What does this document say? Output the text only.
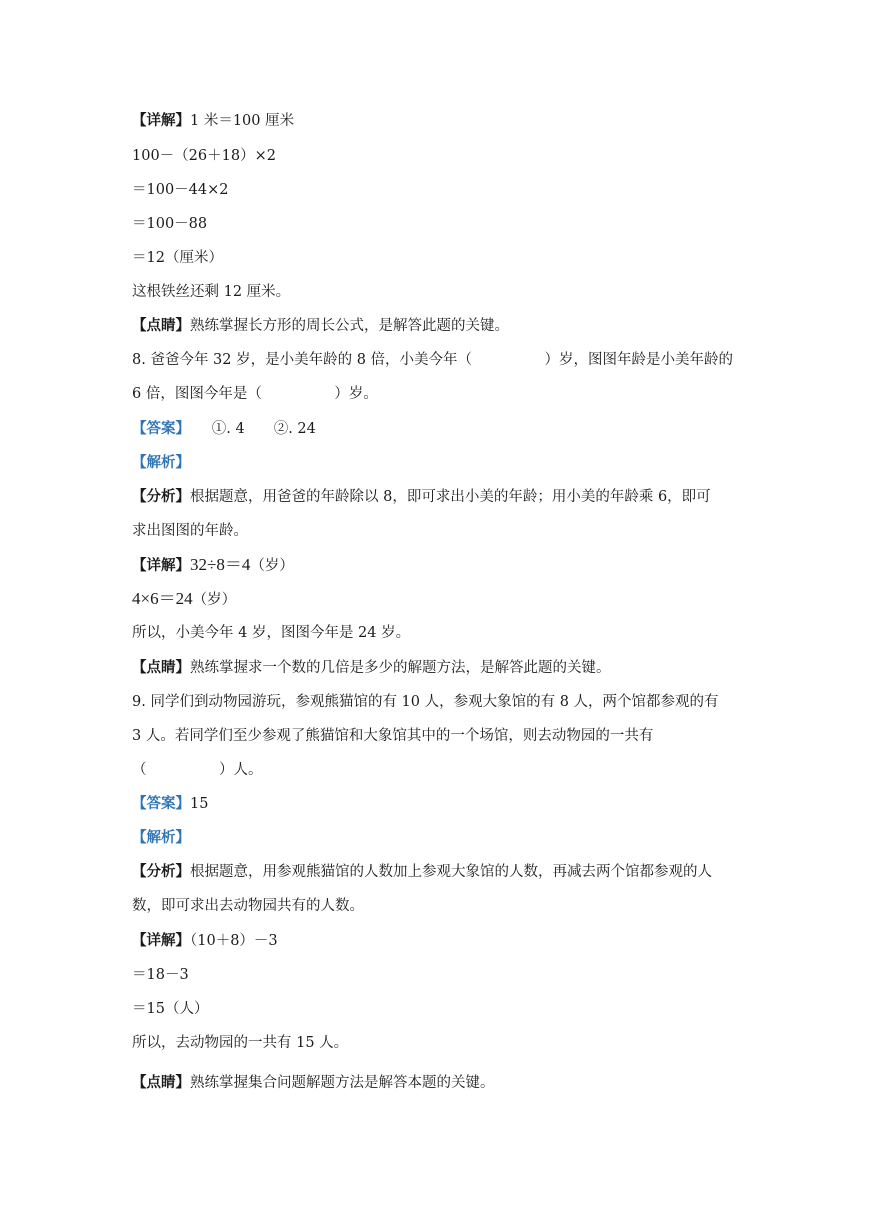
【详解】1 米＝100 厘米
100－（26＋18）×2
＝100－44×2
＝100－88
＝12（厘米）
这根铁丝还剩 12 厘米。
【点睛】熟练掌握长方形的周长公式，是解答此题的关键。
8. 爸爸今年 32 岁，是小美年龄的 8 倍，小美今年（　　　　　）岁，图图年龄是小美年龄的
6 倍，图图今年是（　　　　　）岁。
【答案】　　①. 4　　②. 24
【解析】
【分析】根据题意，用爸爸的年龄除以 8，即可求出小美的年龄；用小美的年龄乘 6，即可
求出图图的年龄。
【详解】32÷8＝4（岁）
4×6＝24（岁）
所以，小美今年 4 岁，图图今年是 24 岁。
【点睛】熟练掌握求一个数的几倍是多少的解题方法，是解答此题的关键。
9. 同学们到动物园游玩，参观熊猫馆的有 10 人，参观大象馆的有 8 人，两个馆都参观的有
3 人。若同学们至少参观了熊猫馆和大象馆其中的一个场馆，则去动物园的一共有
（　　　　　）人。
【答案】15
【解析】
【分析】根据题意，用参观熊猫馆的人数加上参观大象馆的人数，再减去两个馆都参观的人
数，即可求出去动物园共有的人数。
【详解】（10＋8）－3
＝18－3
＝15（人）
所以，去动物园的一共有 15 人。
【点睛】熟练掌握集合问题解题方法是解答本题的关键。
